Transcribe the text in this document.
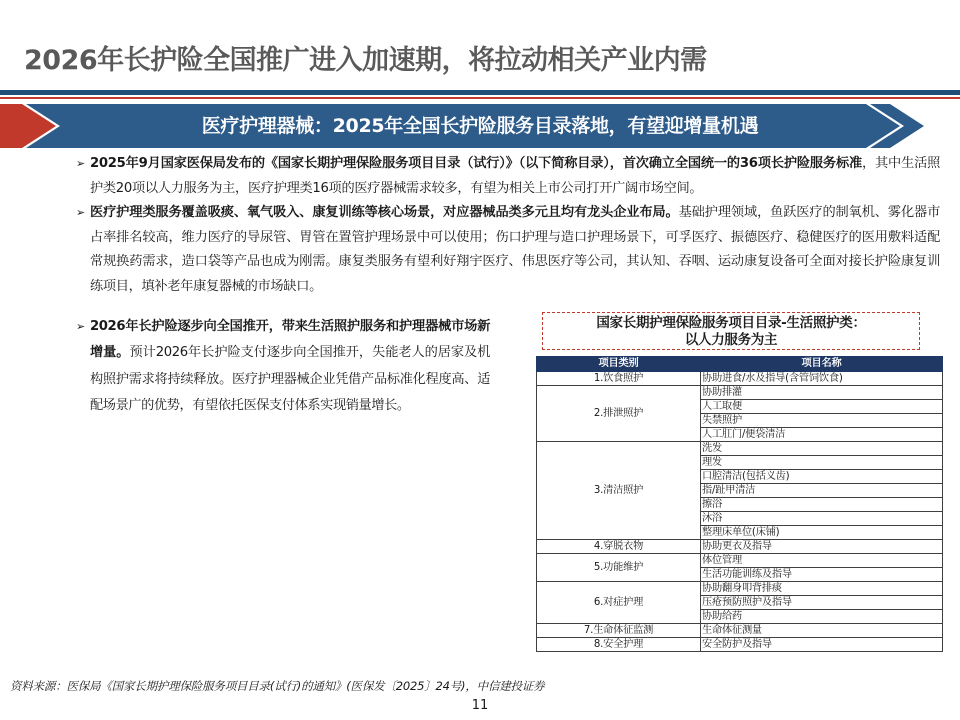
2026年长护险全国推广进入加速期，将拉动相关产业内需
医疗护理器械：2025年全国长护险服务目录落地，有望迎增量机遇
➢ 2025年9月国家医保局发布的《国家长期护理保险服务项目目录（试行）》（以下简称目录），首次确立全国统一的36项长护险服务标准，其中生活照护类20项以人力服务为主，医疗护理类16项的医疗器械需求较多，有望为相关上市公司打开广阔市场空间。
➢ 医疗护理类服务覆盖吸痰、氧气吸入、康复训练等核心场景，对应器械品类多元且均有龙头企业布局。基础护理领域，鱼跃医疗的制氧机、雾化器市占率排名较高，维力医疗的导尿管、胃管在置管护理场景中可以使用；伤口护理与造口护理场景下，可孚医疗、振德医疗、稳健医疗的医用敷料适配常规换药需求，造口袋等产品也成为刚需。康复类服务有望利好翔宇医疗、伟思医疗等公司，其认知、吞咽、运动康复设备可全面对接长护险康复训练项目，填补老年康复器械的市场缺口。
➢ 2026年长护险逐步向全国推开，带来生活照护服务和护理器械市场新增量。预计2026年长护险支付逐步向全国推开，失能老人的居家及机构照护需求将持续释放。医疗护理器械企业凭借产品标准化程度高、适配场景广的优势，有望依托医保支付体系实现销量增长。
国家长期护理保险服务项目目录-生活照护类：
以人力服务为主
项目类别	项目名称
1.饮食照护	协助进食/水及指导(含管饲饮食)
2.排泄照护	协助排灌
	人工取便
	失禁照护
	人工肛门/便袋清洁
3.清洁照护	洗发
	理发
	口腔清洁(包括义齿)
	指/趾甲清洁
	擦浴
	沐浴
	整理床单位(床铺)
4.穿脱衣物	协助更衣及指导
5.功能维护	体位管理
	生活功能训练及指导
6.对症护理	协助翻身叩背排痰
	压疮预防照护及指导
	协助给药
7.生命体征监测	生命体征测量
8.安全护理	安全防护及指导
资料来源：医保局《国家长期护理保险服务项目目录(试行)的通知》(医保发〔2025〕24号)，中信建投证券
11
